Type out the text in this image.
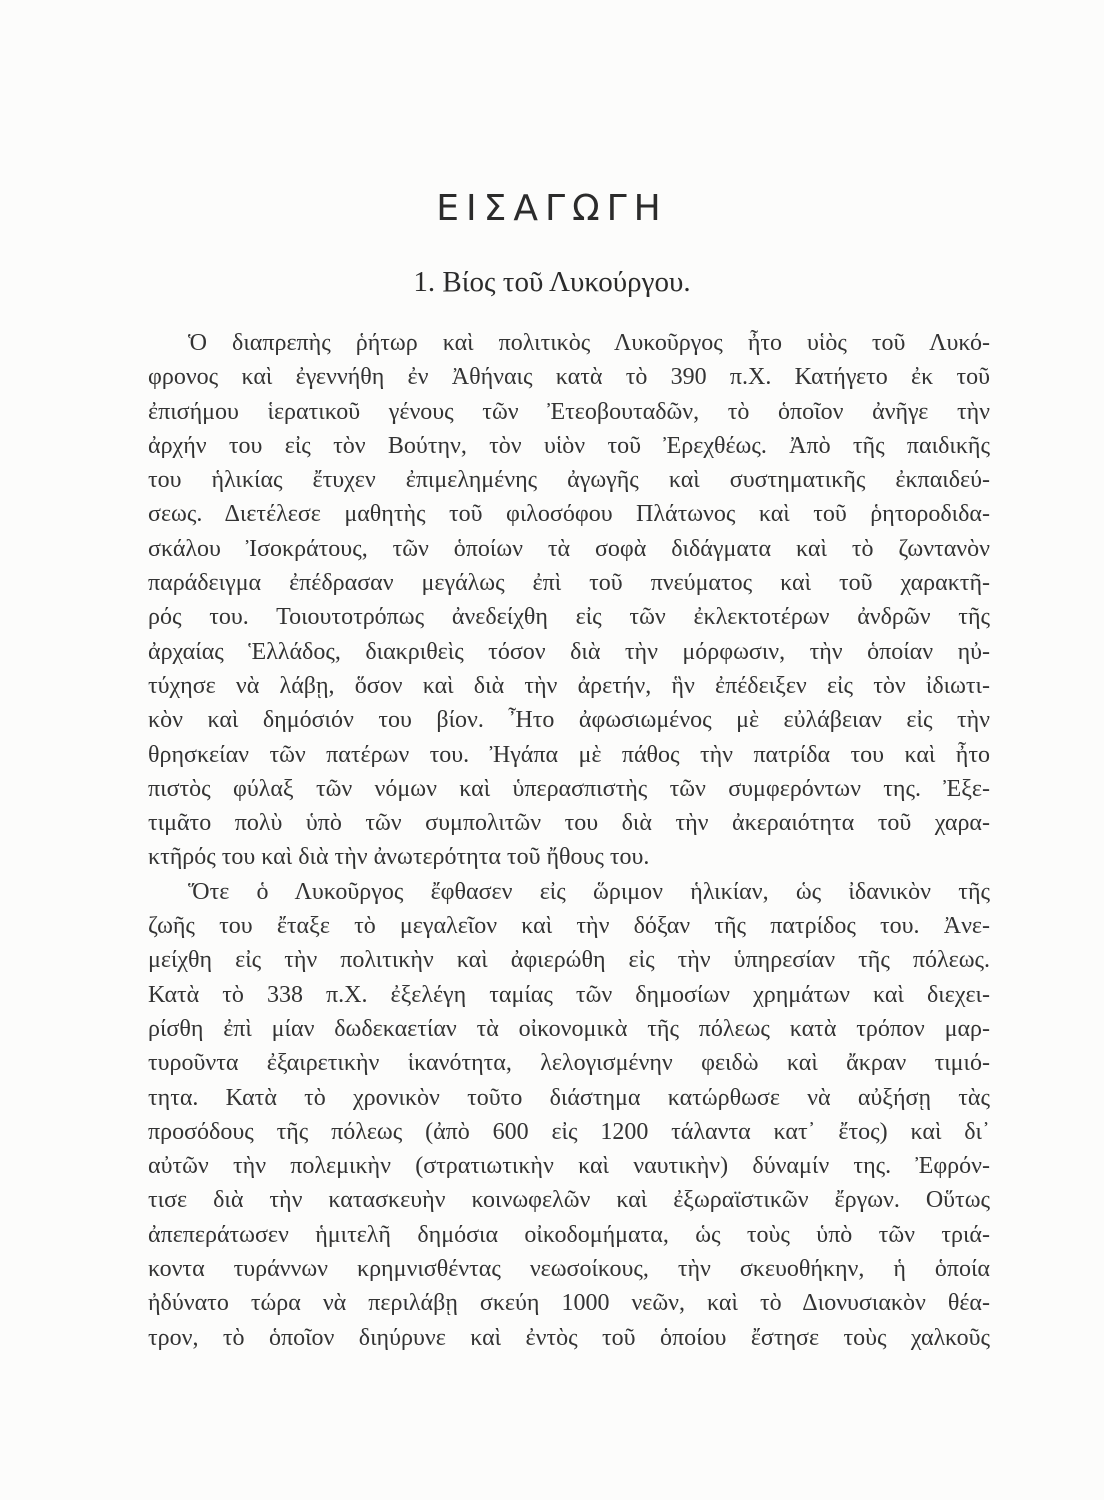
ΕΙΣΑΓΩΓΗ
1. Βίος τοῦ Λυκούργου.
Ὁ διαπρεπὴς ῥήτωρ καὶ πολιτικὸς Λυκοῦργος ἦτο υἱὸς τοῦ Λυκό-
φρονος καὶ ἐγεννήθη ἐν Ἀθήναις κατὰ τὸ 390 π.Χ. Κατήγετο ἐκ τοῦ
ἐπισήμου ἱερατικοῦ γένους τῶν Ἐτεοβουταδῶν, τὸ ὁποῖον ἀνῆγε τὴν
ἀρχήν του εἰς τὸν Βούτην, τὸν υἱὸν τοῦ Ἐρεχθέως. Ἀπὸ τῆς παιδικῆς
του ἡλικίας ἔτυχεν ἐπιμελημένης ἀγωγῆς καὶ συστηματικῆς ἐκπαιδεύ-
σεως. Διετέλεσε μαθητὴς τοῦ φιλοσόφου Πλάτωνος καὶ τοῦ ῥητοροδιδα-
σκάλου Ἰσοκράτους, τῶν ὁποίων τὰ σοφὰ διδάγματα καὶ τὸ ζωντανὸν
παράδειγμα ἐπέδρασαν μεγάλως ἐπὶ τοῦ πνεύματος καὶ τοῦ χαρακτῆ-
ρός του. Τοιουτοτρόπως ἀνεδείχθη εἰς τῶν ἐκλεκτοτέρων ἀνδρῶν τῆς
ἀρχαίας Ἑλλάδος, διακριθεὶς τόσον διὰ τὴν μόρφωσιν, τὴν ὁποίαν ηὐ-
τύχησε νὰ λάβῃ, ὅσον καὶ διὰ τὴν ἀρετήν, ἣν ἐπέδειξεν εἰς τὸν ἰδιωτι-
κὸν καὶ δημόσιόν του βίον. Ἦτο ἀφωσιωμένος μὲ εὐλάβειαν εἰς τὴν
θρησκείαν τῶν πατέρων του. Ἠγάπα μὲ πάθος τὴν πατρίδα του καὶ ἦτο
πιστὸς φύλαξ τῶν νόμων καὶ ὑπερασπιστὴς τῶν συμφερόντων της. Ἐξε-
τιμᾶτο πολὺ ὑπὸ τῶν συμπολιτῶν του διὰ τὴν ἀκεραιότητα τοῦ χαρα-
κτῆρός του καὶ διὰ τὴν ἀνωτερότητα τοῦ ἤθους του.
Ὅτε ὁ Λυκοῦργος ἔφθασεν εἰς ὥριμον ἡλικίαν, ὡς ἰδανικὸν τῆς
ζωῆς του ἔταξε τὸ μεγαλεῖον καὶ τὴν δόξαν τῆς πατρίδος του. Ἀνε-
μείχθη εἰς τὴν πολιτικὴν καὶ ἀφιερώθη εἰς τὴν ὑπηρεσίαν τῆς πόλεως.
Κατὰ τὸ 338 π.Χ. ἐξελέγη ταμίας τῶν δημοσίων χρημάτων καὶ διεχει-
ρίσθη ἐπὶ μίαν δωδεκαετίαν τὰ οἰκονομικὰ τῆς πόλεως κατὰ τρόπον μαρ-
τυροῦντα ἐξαιρετικὴν ἱκανότητα, λελογισμένην φειδὼ καὶ ἄκραν τιμιό-
τητα. Κατὰ τὸ χρονικὸν τοῦτο διάστημα κατώρθωσε νὰ αὐξήσῃ τὰς
προσόδους τῆς πόλεως (ἀπὸ 600 εἰς 1200 τάλαντα κατ᾽ ἔτος) καὶ δι᾽
αὐτῶν τὴν πολεμικὴν (στρατιωτικὴν καὶ ναυτικὴν) δύναμίν της. Ἐφρόν-
τισε διὰ τὴν κατασκευὴν κοινωφελῶν καὶ ἐξωραϊστικῶν ἔργων. Οὕτως
ἀπεπεράτωσεν ἡμιτελῆ δημόσια οἰκοδομήματα, ὡς τοὺς ὑπὸ τῶν τριά-
κοντα τυράννων κρημνισθέντας νεωσοίκους, τὴν σκευοθήκην, ἡ ὁποία
ἠδύνατο τώρα νὰ περιλάβῃ σκεύη 1000 νεῶν, καὶ τὸ Διονυσιακὸν θέα-
τρον, τὸ ὁποῖον διηύρυνε καὶ ἐντὸς τοῦ ὁποίου ἔστησε τοὺς χαλκοῦς
